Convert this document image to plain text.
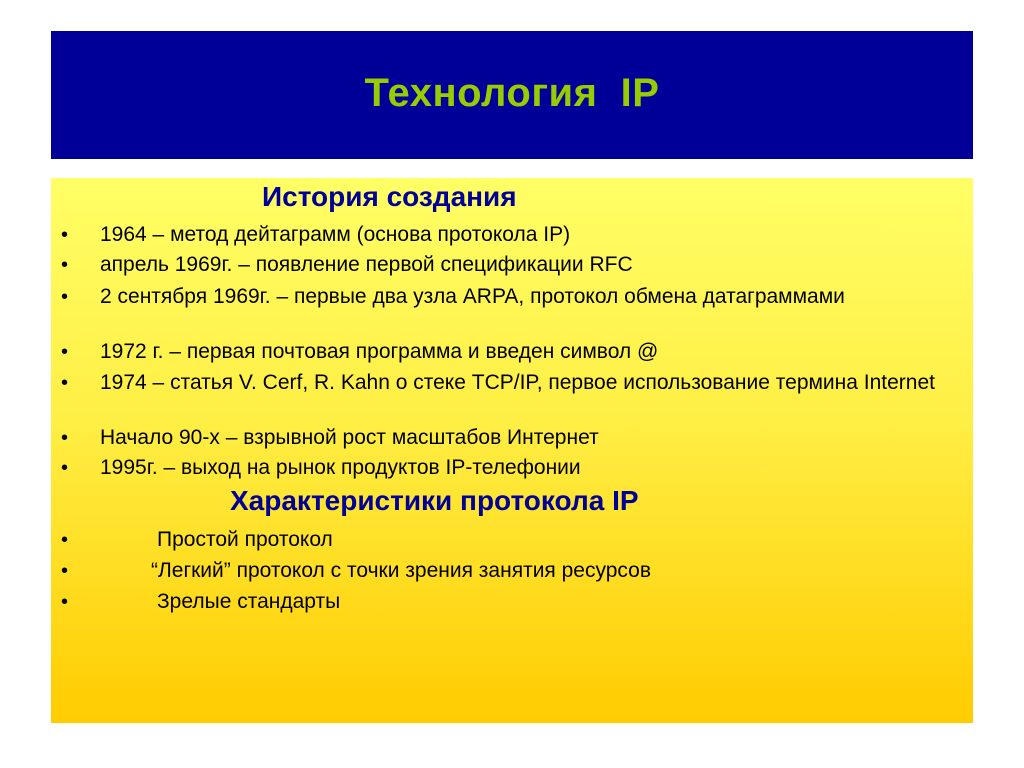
Технология  IP
История создания
• 1964 – метод дейтаграмм (основа протокола IP)
• апрель 1969г. – появление первой спецификации RFC
• 2 сентября 1969г. – первые два узла ARPA, протокол обмена датаграммами
• 1972 г. – первая почтовая программа и введен символ @
• 1974 – статья V. Cerf, R. Kahn о стеке TCP/IP, первое использование термина Internet
• Начало 90-х – взрывной рост масштабов Интернет
• 1995г. – выход на рынок продуктов IP-телефонии
Характеристики протокола IP
•	Простой протокол
•	“Легкий” протокол с точки зрения занятия ресурсов
•	Зрелые стандарты
